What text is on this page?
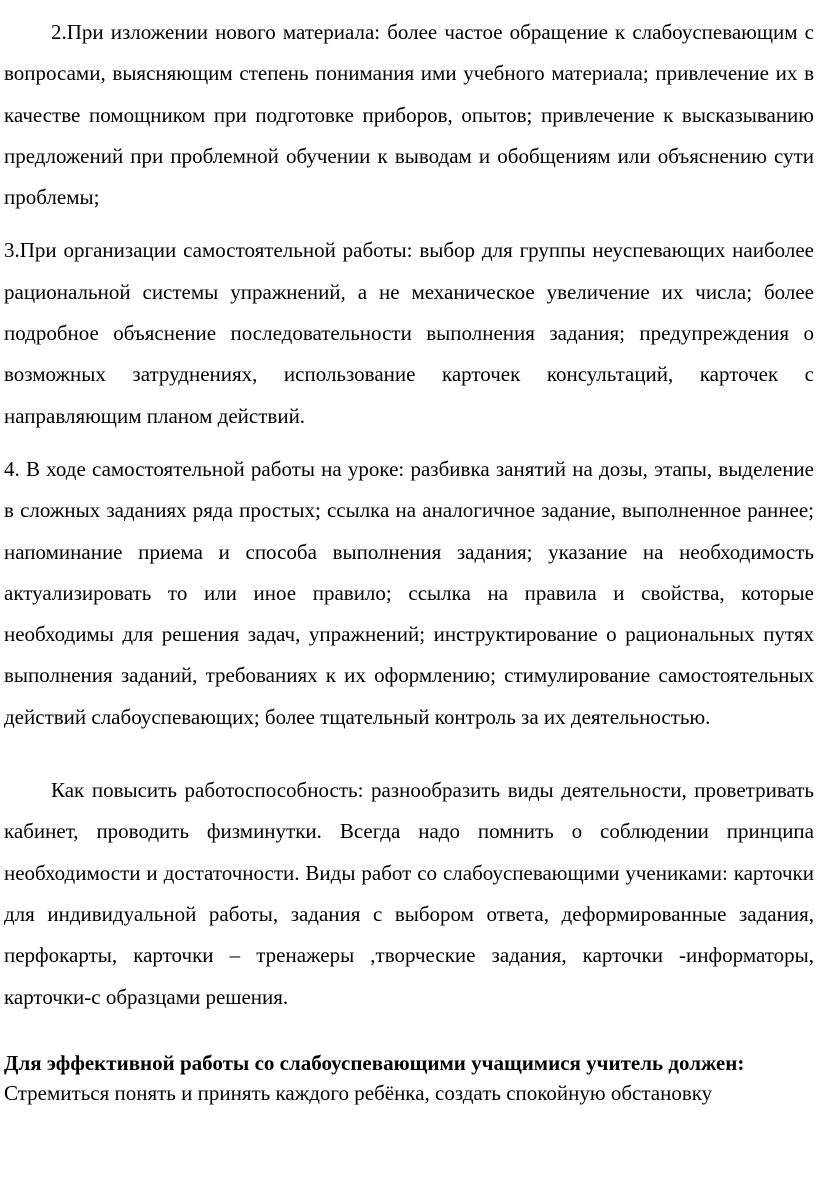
2.При изложении нового материала: более частое обращение к слабоуспевающим с вопросами, выясняющим степень понимания ими учебного материала; привлечение их в качестве помощником при подготовке приборов, опытов; привлечение к высказыванию предложений при проблемной обучении к выводам и обобщениям или объяснению сути проблемы;

3.При организации самостоятельной работы: выбор для группы неуспевающих наиболее рациональной системы упражнений, а не механическое увеличение их числа; более подробное объяснение последовательности выполнения задания; предупреждения о возможных затруднениях, использование карточек консультаций, карточек с направляющим планом действий.

4. В ходе самостоятельной работы на уроке: разбивка занятий на дозы, этапы, выделение в сложных заданиях ряда простых; ссылка на аналогичное задание, выполненное раннее; напоминание приема и способа выполнения задания; указание на необходимость актуализировать то или иное правило; ссылка на правила и свойства, которые необходимы для решения задач, упражнений; инструктирование о рациональных путях выполнения заданий, требованиях к их оформлению; стимулирование самостоятельных действий слабоуспевающих; более тщательный контроль за их деятельностью.

Как повысить работоспособность: разнообразить виды деятельности, проветривать кабинет, проводить физминутки. Всегда надо помнить о соблюдении принципа необходимости и достаточности. Виды работ со слабоуспевающими учениками: карточки для индивидуальной работы, задания с выбором ответа, деформированные задания, перфокарты, карточки – тренажеры ,творческие задания, карточки -информаторы, карточки-с образцами решения.

Для эффективной работы со слабоуспевающими учащимися учитель должен:

Стремиться понять и принять каждого ребёнка, создать спокойную обстановку
